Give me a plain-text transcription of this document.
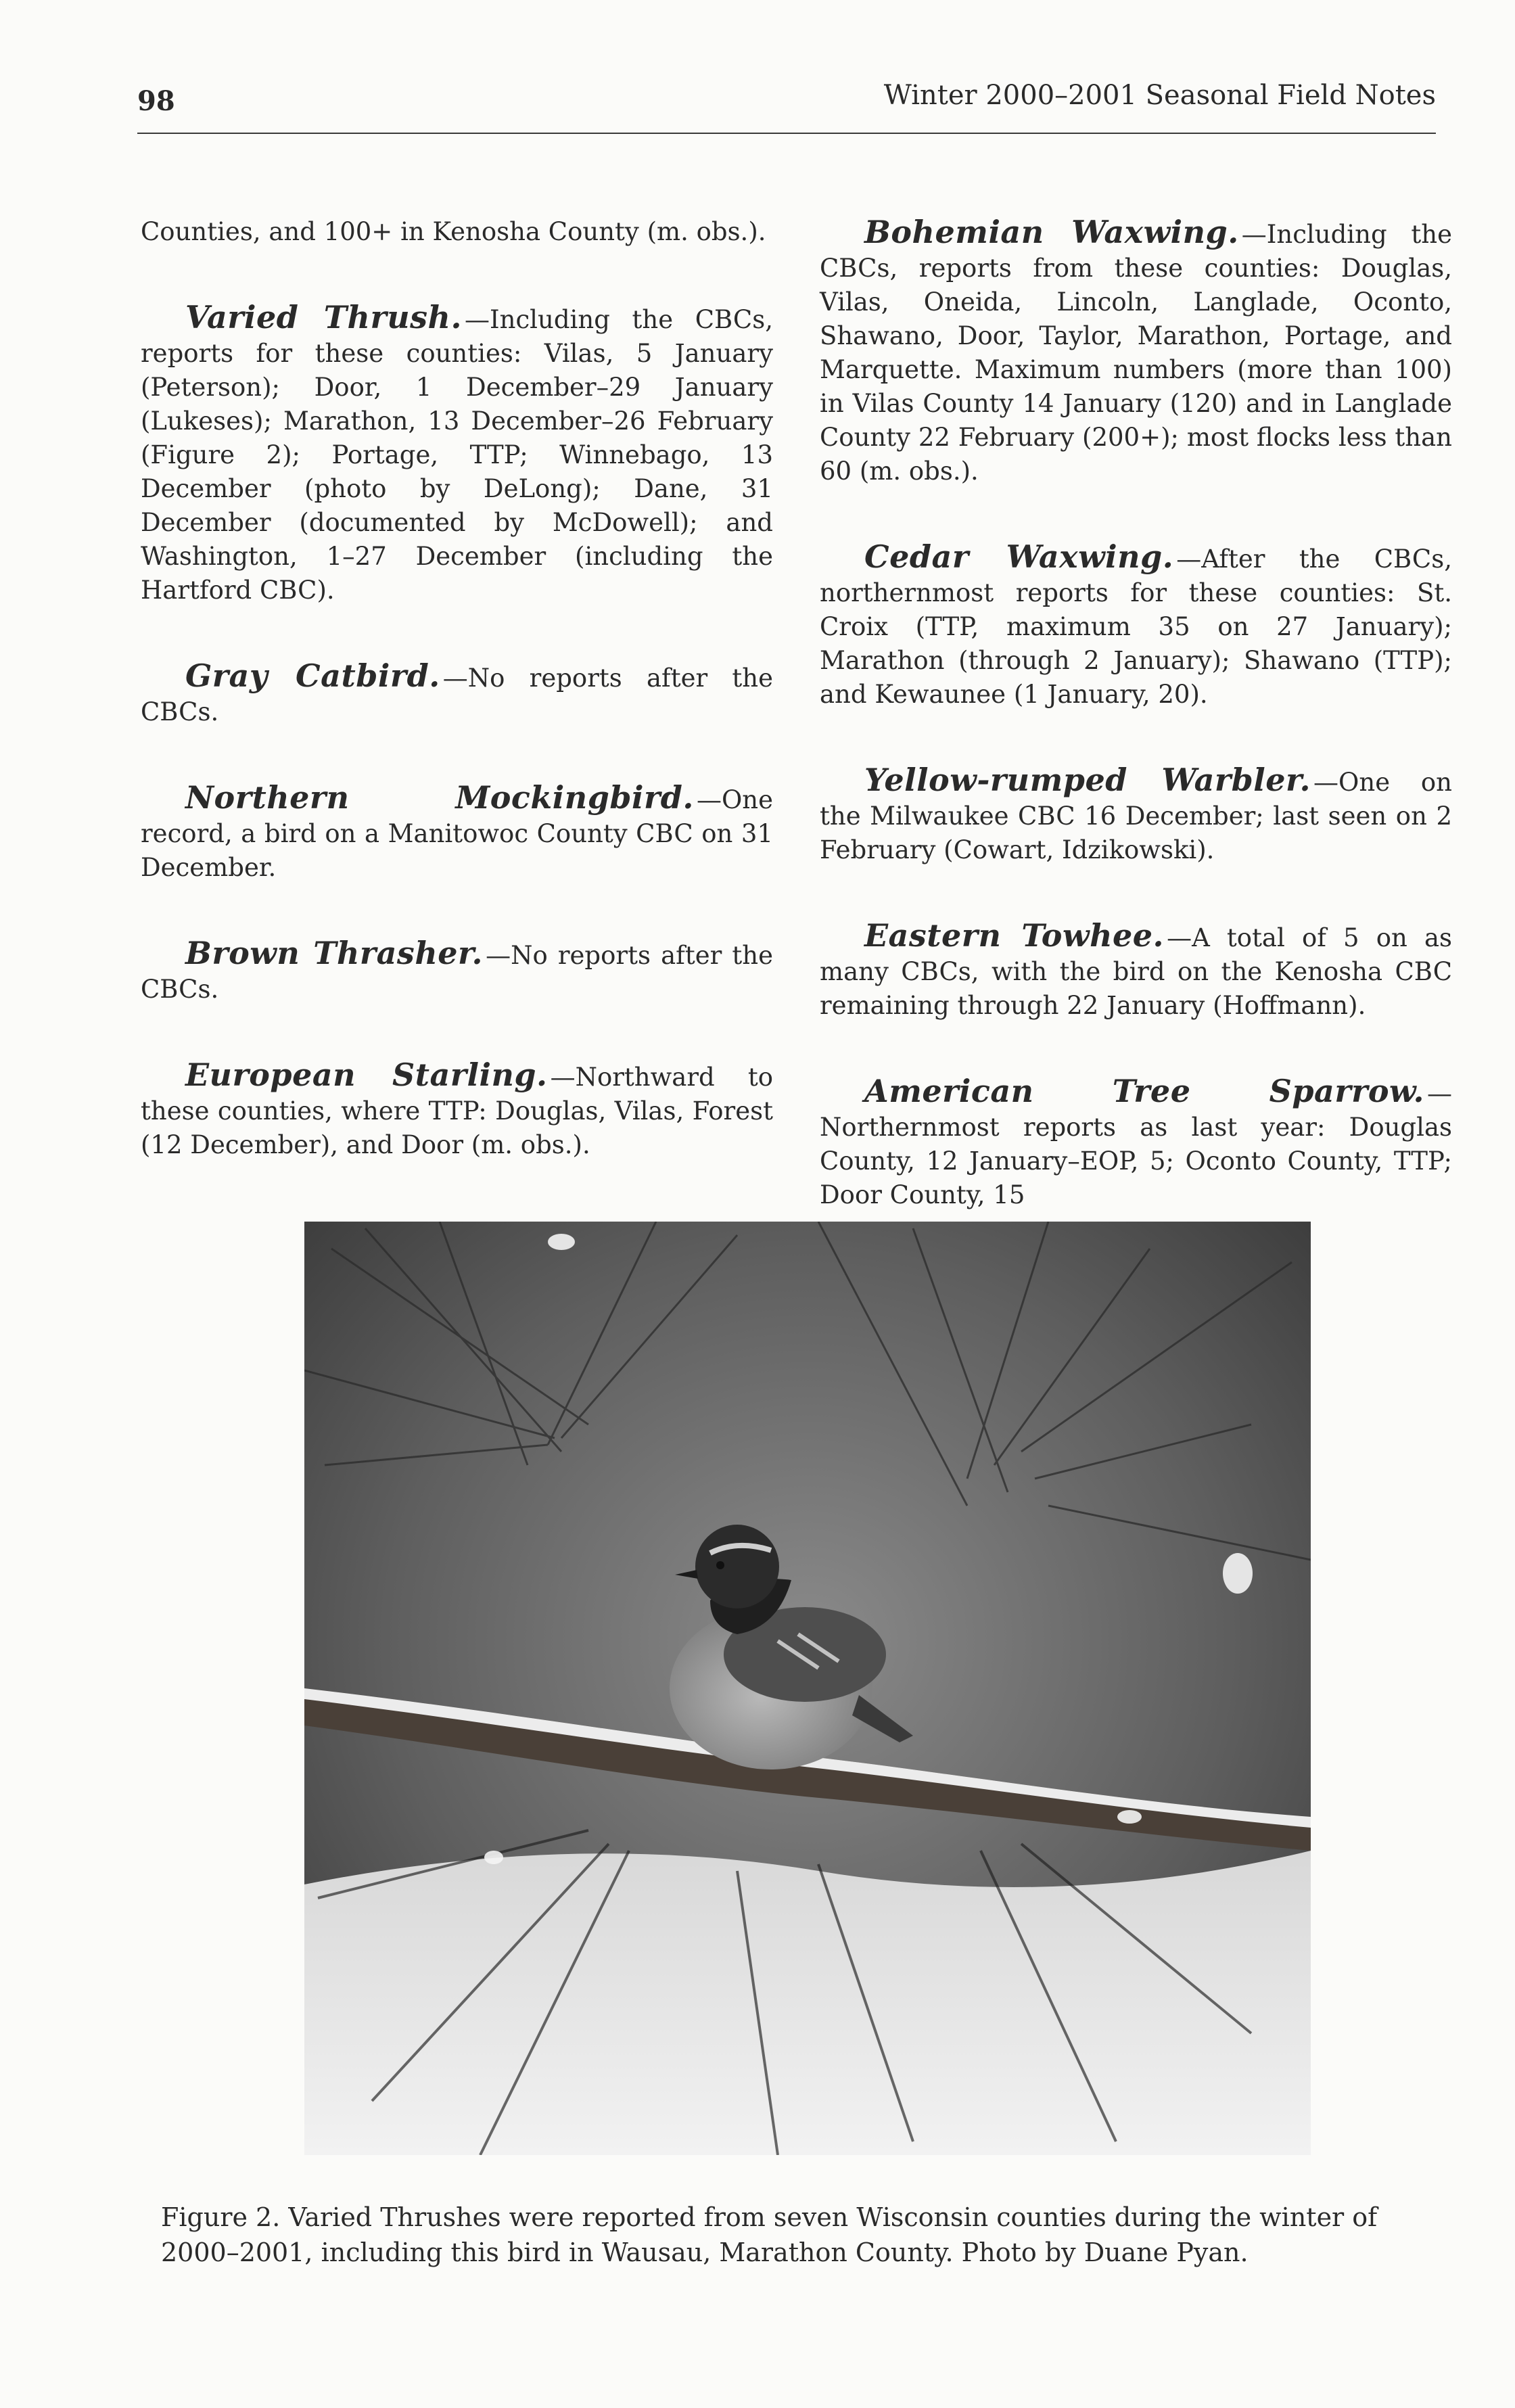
98	Winter 2000–2001 Seasonal Field Notes

Counties, and 100+ in Kenosha County (m. obs.).

Varied Thrush. —Including the CBCs, reports for these counties: Vilas, 5 January (Peterson); Door, 1 December–29 January (Lukeses); Marathon, 13 December–26 February (Figure 2); Portage, TTP; Winnebago, 13 December (photo by DeLong); Dane, 31 December (documented by McDowell); and Washington, 1–27 December (including the Hartford CBC).

Gray Catbird. —No reports after the CBCs.

Northern Mockingbird. —One record, a bird on a Manitowoc County CBC on 31 December.

Brown Thrasher. —No reports after the CBCs.

European Starling. —Northward to these counties, where TTP: Douglas, Vilas, Forest (12 December), and Door (m. obs.).

Bohemian Waxwing. —Including the CBCs, reports from these counties: Douglas, Vilas, Oneida, Lincoln, Langlade, Oconto, Shawano, Door, Taylor, Marathon, Portage, and Marquette. Maximum numbers (more than 100) in Vilas County 14 January (120) and in Langlade County 22 February (200+); most flocks less than 60 (m. obs.).

Cedar Waxwing. —After the CBCs, northernmost reports for these counties: St. Croix (TTP, maximum 35 on 27 January); Marathon (through 2 January); Shawano (TTP); and Kewaunee (1 January, 20).

Yellow-rumped Warbler. —One on the Milwaukee CBC 16 December; last seen on 2 February (Cowart, Idzikowski).

Eastern Towhee. —A total of 5 on as many CBCs, with the bird on the Kenosha CBC remaining through 22 January (Hoffmann).

American Tree Sparrow. —Northernmost reports as last year: Douglas County, 12 January–EOP, 5; Oconto County, TTP; Door County, 15

Figure 2. Varied Thrushes were reported from seven Wisconsin counties during the winter of 2000–2001, including this bird in Wausau, Marathon County. Photo by Duane Pyan.
